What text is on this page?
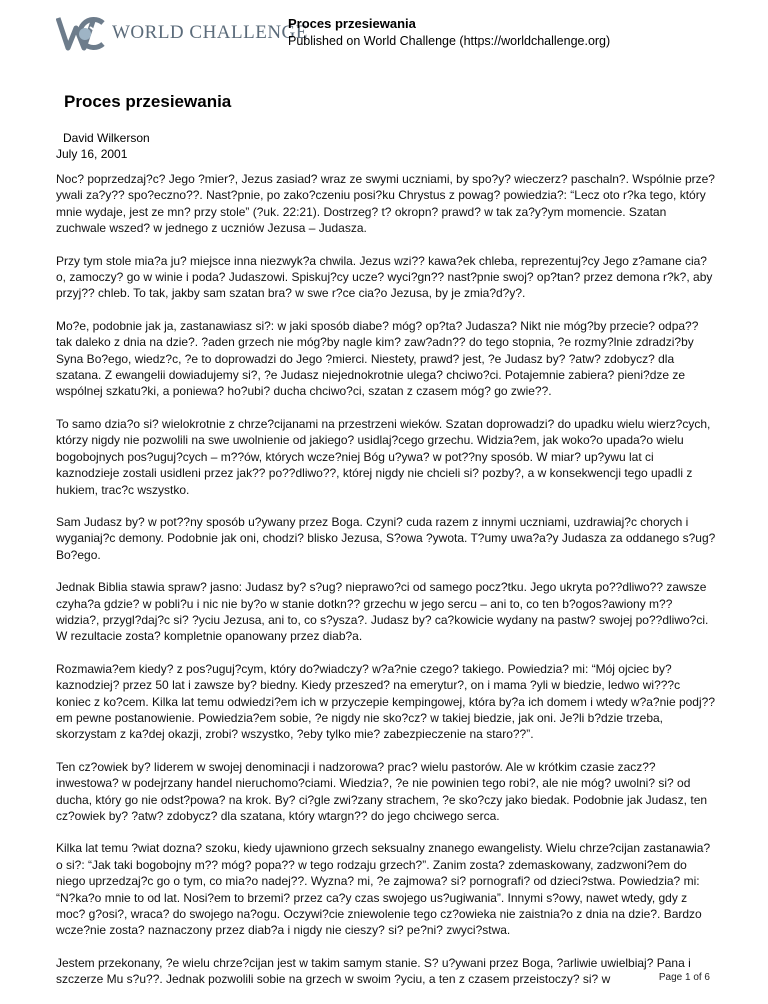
WORLD CHALLENGE
Proces przesiewania
Published on World Challenge (https://worldchallenge.org)
Proces przesiewania
David Wilkerson
July 16, 2001

Noc? poprzedzaj?c? Jego ?mier?, Jezus zasiad? wraz ze swymi uczniami, by spo?y? wieczerz? paschaln?. Wspólnie prze?ywali za?y?? spo?eczno??. Nast?pnie, po zako?czeniu posi?ku Chrystus z powag? powiedzia?: “Lecz oto r?ka tego, który mnie wydaje, jest ze mn? przy stole” (?uk. 22:21). Dostrzeg? t? okropn? prawd? w tak za?y?ym momencie. Szatan zuchwale wszed? w jednego z uczniów Jezusa – Judasza.

Przy tym stole mia?a ju? miejsce inna niezwyk?a chwila. Jezus wzi?? kawa?ek chleba, reprezentuj?cy Jego z?amane cia?o, zamoczy? go w winie i poda? Judaszowi. Spiskuj?cy ucze? wyci?gn?? nast?pnie swoj? op?tan? przez demona r?k?, aby przyj?? chleb. To tak, jakby sam szatan bra? w swe r?ce cia?o Jezusa, by je zmia?d?y?.

Mo?e, podobnie jak ja, zastanawiasz si?: w jaki sposób diabe? móg? op?ta? Judasza? Nikt nie móg?by przecie? odpa?? tak daleko z dnia na dzie?. ?aden grzech nie móg?by nagle kim? zaw?adn?? do tego stopnia, ?e rozmy?lnie zdradzi?by Syna Bo?ego, wiedz?c, ?e to doprowadzi do Jego ?mierci. Niestety, prawd? jest, ?e Judasz by? ?atw? zdobycz? dla szatana. Z ewangelii dowiadujemy si?, ?e Judasz niejednokrotnie ulega? chciwo?ci. Potajemnie zabiera? pieni?dze ze wspólnej szkatu?ki, a poniewa? ho?ubi? ducha chciwo?ci, szatan z czasem móg? go zwie??.

To samo dzia?o si? wielokrotnie z chrze?cijanami na przestrzeni wieków. Szatan doprowadzi? do upadku wielu wierz?cych, którzy nigdy nie pozwolili na swe uwolnienie od jakiego? usidlaj?cego grzechu. Widzia?em, jak woko?o upada?o wielu bogobojnych pos?uguj?cych – m??ów, których wcze?niej Bóg u?ywa? w pot??ny sposób. W miar? up?ywu lat ci kaznodzieje zostali usidleni przez jak?? po??dliwo??, której nigdy nie chcieli si? pozby?, a w konsekwencji tego upadli z hukiem, trac?c wszystko.

Sam Judasz by? w pot??ny sposób u?ywany przez Boga. Czyni? cuda razem z innymi uczniami, uzdrawiaj?c chorych i wyganiaj?c demony. Podobnie jak oni, chodzi? blisko Jezusa, S?owa ?ywota. T?umy uwa?a?y Judasza za oddanego s?ug? Bo?ego.

Jednak Biblia stawia spraw? jasno: Judasz by? s?ug? nieprawo?ci od samego pocz?tku. Jego ukryta po??dliwo?? zawsze czyha?a gdzie? w pobli?u i nic nie by?o w stanie dotkn?? grzechu w jego sercu – ani to, co ten b?ogos?awiony m?? widzia?, przygl?daj?c si? ?yciu Jezusa, ani to, co s?ysza?. Judasz by? ca?kowicie wydany na pastw? swojej po??dliwo?ci. W rezultacie zosta? kompletnie opanowany przez diab?a.

Rozmawia?em kiedy? z pos?uguj?cym, który do?wiadczy? w?a?nie czego? takiego. Powiedzia? mi: “Mój ojciec by? kaznodziej? przez 50 lat i zawsze by? biedny. Kiedy przeszed? na emerytur?, on i mama ?yli w biedzie, ledwo wi???c koniec z ko?cem. Kilka lat temu odwiedzi?em ich w przyczepie kempingowej, która by?a ich domem i wtedy w?a?nie podj??em pewne postanowienie. Powiedzia?em sobie, ?e nigdy nie sko?cz? w takiej biedzie, jak oni. Je?li b?dzie trzeba, skorzystam z ka?dej okazji, zrobi? wszystko, ?eby tylko mie? zabezpieczenie na staro??”.

Ten cz?owiek by? liderem w swojej denominacji i nadzorowa? prac? wielu pastorów. Ale w krótkim czasie zacz?? inwestowa? w podejrzany handel nieruchomo?ciami. Wiedzia?, ?e nie powinien tego robi?, ale nie móg? uwolni? si? od ducha, który go nie odst?powa? na krok. By? ci?gle zwi?zany strachem, ?e sko?czy jako biedak. Podobnie jak Judasz, ten cz?owiek by? ?atw? zdobycz? dla szatana, który wtargn?? do jego chciwego serca.

Kilka lat temu ?wiat dozna? szoku, kiedy ujawniono grzech seksualny znanego ewangelisty. Wielu chrze?cijan zastanawia?o si?: “Jak taki bogobojny m?? móg? popa?? w tego rodzaju grzech?”. Zanim zosta? zdemaskowany, zadzwoni?em do niego uprzedzaj?c go o tym, co mia?o nadej??. Wyzna? mi, ?e zajmowa? si? pornografi? od dzieci?stwa. Powiedzia? mi: “N?ka?o mnie to od lat. Nosi?em to brzemi? przez ca?y czas swojego us?ugiwania”. Innymi s?owy, nawet wtedy, gdy z moc? g?osi?, wraca? do swojego na?ogu. Oczywi?cie zniewolenie tego cz?owieka nie zaistnia?o z dnia na dzie?. Bardzo wcze?nie zosta? naznaczony przez diab?a i nigdy nie cieszy? si? pe?ni? zwyci?stwa.

Jestem przekonany, ?e wielu chrze?cijan jest w takim samym stanie. S? u?ywani przez Boga, ?arliwie uwielbiaj? Pana i szczerze Mu s?u??. Jednak pozwolili sobie na grzech w swoim ?yciu, a ten z czasem przeistoczy? si? w	Page 1 of 6
